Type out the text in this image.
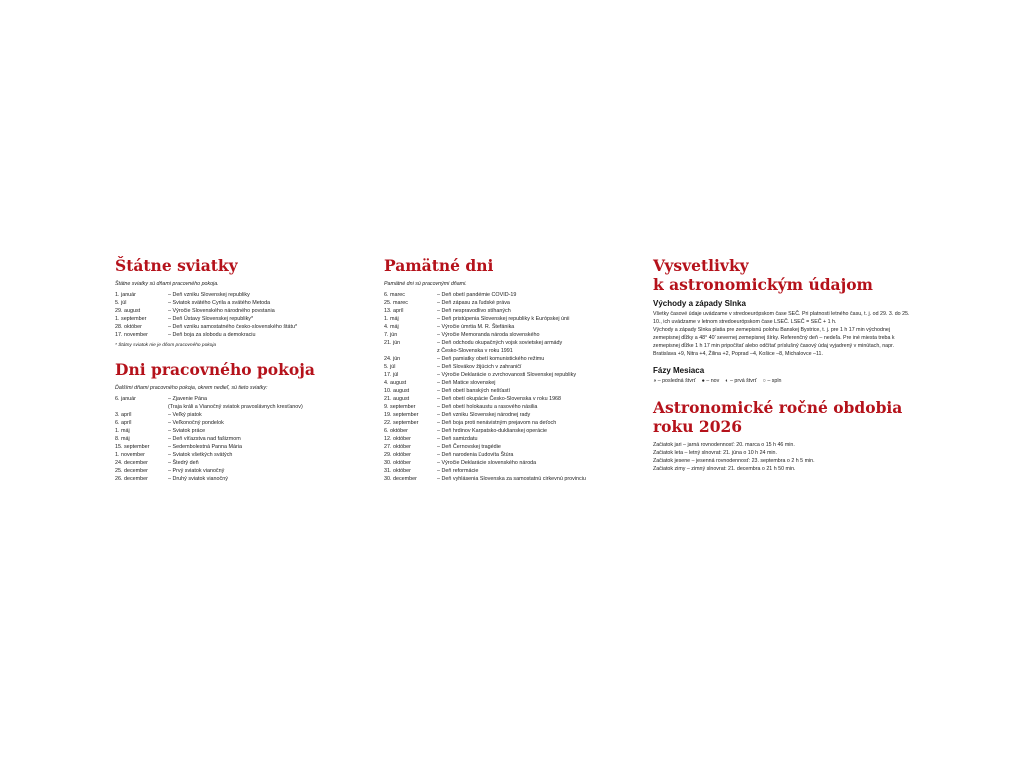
Štátne sviatky

Štátne sviatky sú dňami pracovného pokoja.

1. január	– Deň vzniku Slovenskej republiky
5. júl	– Sviatok svätého Cyrila a svätého Metoda
29. august	– Výročie Slovenského národného povstania
1. september	– Deň Ústavy Slovenskej republiky*
28. október	– Deň vzniku samostatného česko-slovenského štátu*
17. november	– Deň boja za slobodu a demokraciu

* Štátny sviatok nie je dňom pracovného pokoja

Dni pracovného pokoja

Ďalšími dňami pracovného pokoja, okrem nedieľ, sú tieto sviatky:

6. január	– Zjavenie Pána
(Traja králi a Vianočný sviatok pravoslávnych kresťanov)
3. apríl	– Veľký piatok
6. apríl	– Veľkonočný pondelok
1. máj	– Sviatok práce
8. máj	– Deň víťazstva nad fašizmom
15. september	– Sedembolestná Panna Mária
1. november	– Sviatok všetkých svätých
24. december	– Štedrý deň
25. december	– Prvý sviatok vianočný
26. december	– Druhý sviatok vianočný
Pamätné dni

Pamätné dni sú pracovnými dňami.

6. marec	– Deň obetí pandémie COVID-19
25. marec	– Deň zápasu za ľudské práva
13. apríl	– Deň nespravodlivo stíhaných
1. máj	– Deň pristúpenia Slovenskej republiky k Európskej únii
4. máj	– Výročie úmrtia M. R. Štefánika
7. jún	– Výročie Memoranda národa slovenského
21. jún	– Deň odchodu okupačných vojsk sovietskej armády
z Česko-Slovenska v roku 1991
24. jún	– Deň pamiatky obetí komunistického režimu
5. júl	– Deň Slovákov žijúcich v zahraničí
17. júl	– Výročie Deklarácie o zvrchovanosti Slovenskej republiky
4. august	– Deň Matice slovenskej
10. august	– Deň obetí banských nešťastí
21. august	– Deň obetí okupácie Česko-Slovenska v roku 1968
9. september	– Deň obetí holokaustu a rasového násilia
19. september	– Deň vzniku Slovenskej národnej rady
22. september	– Deň boja proti nenávistným prejavom na deťoch
6. október	– Deň hrdinov Karpatsko-duklianskej operácie
12. október	– Deň samizdatu
27. október	– Deň Černovskej tragédie
29. október	– Deň narodenia Ľudovíta Štúra
30. október	– Výročie Deklarácie slovenského národa
31. október	– Deň reformácie
30. december	– Deň vyhlásenia Slovenska za samostatnú cirkevnú provinciu
Vysvetlivky
k astronomickým údajom
Východy a západy Slnka

Všetky časové údaje uvádzame v stredoeurópskom čase SEČ. Pri platnosti letného času, t. j. od 29. 3. do 25. 10., ich uvádzame v letnom stredoeurópskom čase LSEČ. LSEČ = SEČ + 1 h.

Východy a západy Slnka platia pre zemepisnú polohu Banskej Bystrice, t. j. pre 1 h 17 min východnej zemepisnej dĺžky a 48° 40′ severnej zemepisnej šírky. Referenčný deň – nedeľa. Pre iné miesta treba k zemepisnej dĺžke 1 h 17 min pripočítať alebo odčítať príslušný časový údaj vyjadrený v minútach, napr. Bratislava +9, Nitra +4, Žilina +2, Poprad –4, Košice –8, Michalovce –11.

Fázy Mesiaca
◑ – posledná štvrť ● – nov ◐ – prvá štvrť ○ – spln
Astronomické ročné obdobia
roku 2026

Začiatok jari – jarná rovnodennosť: 20. marca o 15 h 46 min.

Začiatok leta – letný slnovrat: 21. júna o 10 h 24 min.

Začiatok jesene – jesenná rovnodennosť: 23. septembra o 2 h 5 min.

Začiatok zimy – zimný slnovrat: 21. decembra o 21 h 50 min.
